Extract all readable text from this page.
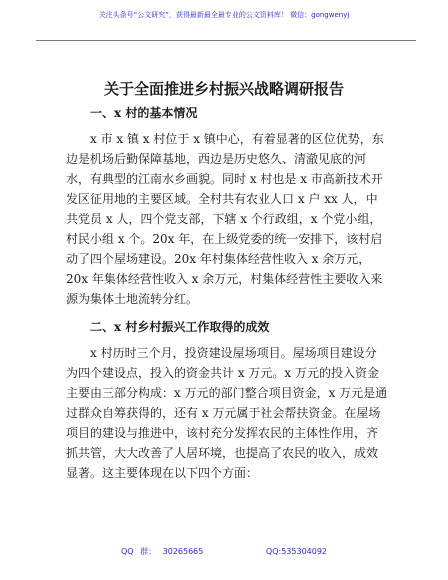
关注头条号“公文研究”，获得最新最全最专业的公文资料库！ 微信：gongwenyj
关于全面推进乡村振兴战略调研报告

一、x 村的基本情况

x 市 x 镇 x 村位于 x 镇中心，有着显著的区位优势，东边是机场后勤保障基地，西边是历史悠久、清澈见底的河水，有典型的江南水乡画貌。同时 x 村也是 x 市高新技术开发区征用地的主要区域。全村共有农业人口 x 户 xx 人，中共党员 x 人，四个党支部，下辖 x 个行政组，x 个党小组，村民小组 x 个。20x 年，在上级党委的统一安排下，该村启动了四个屋场建设。20x 年村集体经营性收入 x 余万元，20x 年集体经营性收入 x 余万元，村集体经营性主要收入来源为集体土地流转分红。

二、x 村乡村振兴工作取得的成效

x 村历时三个月，投资建设屋场项目。屋场项目建设分为四个建设点，投入的资金共计 x 万元。x 万元的投入资金主要由三部分构成：x 万元的部门整合项目资金，x 万元是通过群众自筹获得的，还有 x 万元属于社会帮扶资金。在屋场项目的建设与推进中，该村充分发挥农民的主体性作用，齐抓共管，大大改善了人居环境，也提高了农民的收入，成效显著。这主要体现在以下四个方面：

QQ 群： 30265665	QQ:535304092
